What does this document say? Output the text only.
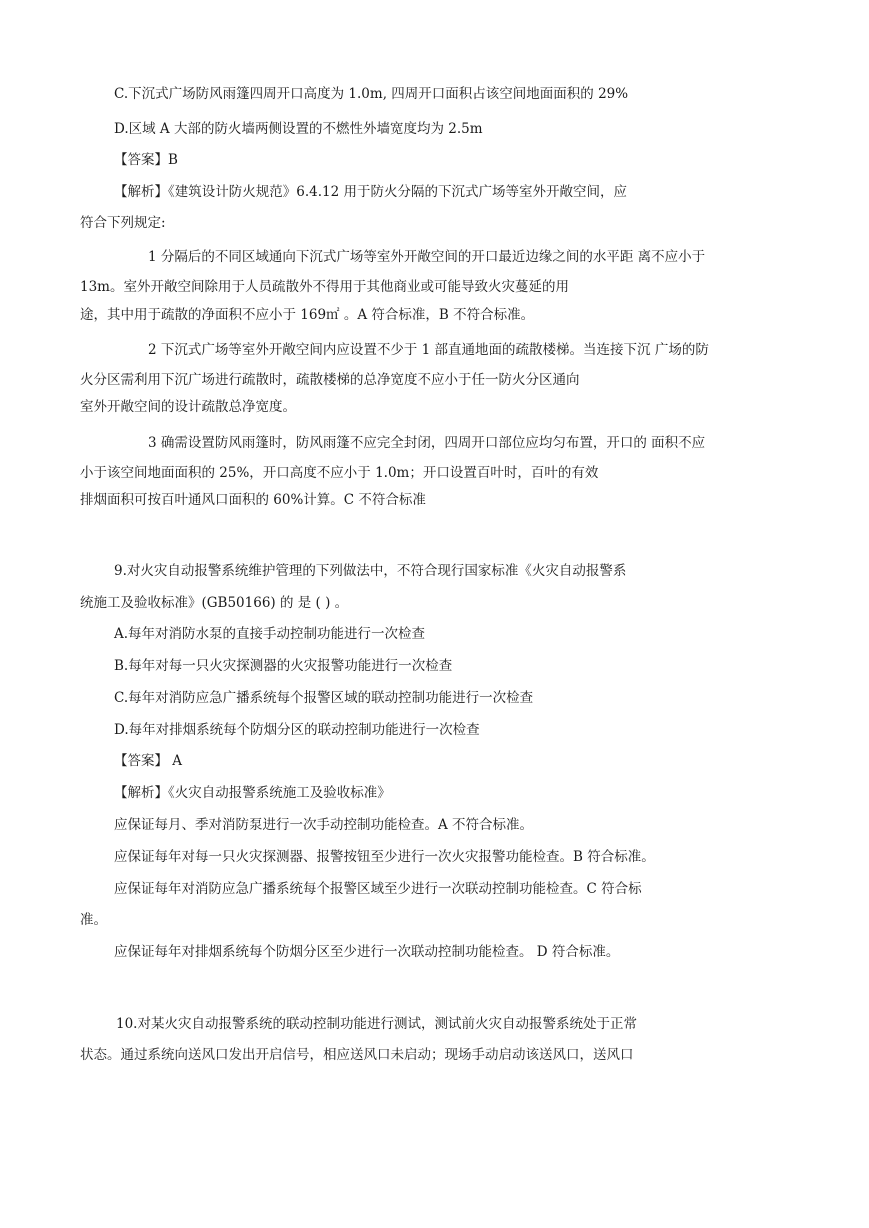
C.下沉式广场防风雨篷四周开口高度为 1.0m, 四周开口面积占该空间地面面积的 29%
D.区域 A 大部的防火墙两侧设置的不燃性外墙宽度均为 2.5m
【答案】B
【解析】《建筑设计防火规范》6.4.12 用于防火分隔的下沉式广场等室外开敞空间，应
符合下列规定:
1 分隔后的不同区域通向下沉式广场等室外开敞空间的开口最近边缘之间的水平距 离不应小于
13m。室外开敞空间除用于人员疏散外不得用于其他商业或可能导致火灾蔓延的用
途，其中用于疏散的净面积不应小于 169㎡ 。A 符合标准，B 不符合标准。
2 下沉式广场等室外开敞空间内应设置不少于 1 部直通地面的疏散楼梯。当连接下沉 广场的防
火分区需利用下沉广场进行疏散时，疏散楼梯的总净宽度不应小于任一防火分区通向
室外开敞空间的设计疏散总净宽度。
3 确需设置防风雨篷时，防风雨篷不应完全封闭，四周开口部位应均匀布置，开口的 面积不应
小于该空间地面面积的 25%，开口高度不应小于 1.0m；开口设置百叶时，百叶的有效
排烟面积可按百叶通风口面积的 60%计算。C 不符合标准
9.对火灾自动报警系统维护管理的下列做法中，不符合现行国家标准《火灾自动报警系
统施工及验收标准》(GB50166) 的 是 ( ) 。
A.每年对消防水泵的直接手动控制功能进行一次检查
B.每年对每一只火灾探测器的火灾报警功能进行一次检查
C.每年对消防应急广播系统每个报警区域的联动控制功能进行一次检查
D.每年对排烟系统每个防烟分区的联动控制功能进行一次检查
【答案】 A
【解析】《火灾自动报警系统施工及验收标准》
应保证每月、季对消防泵进行一次手动控制功能检查。A 不符合标准。
应保证每年对每一只火灾探测器、报警按钮至少进行一次火灾报警功能检查。B 符合标准。
应保证每年对消防应急广播系统每个报警区域至少进行一次联动控制功能检查。C 符合标
准。
应保证每年对排烟系统每个防烟分区至少进行一次联动控制功能检查。 D 符合标准。
10.对某火灾自动报警系统的联动控制功能进行测试，测试前火灾自动报警系统处于正常
状态。通过系统向送风口发出开启信号，相应送风口未启动；现场手动启动该送风口，送风口
